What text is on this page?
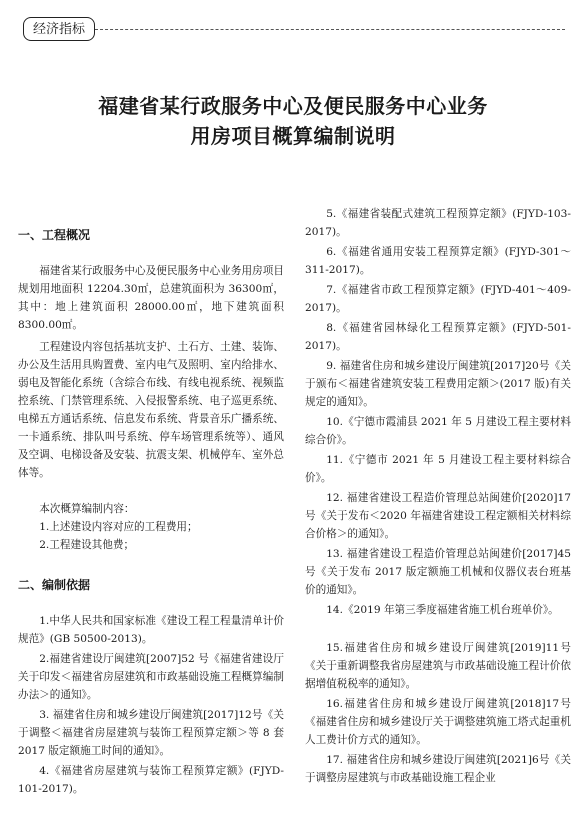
经济指标
福建省某行政服务中心及便民服务中心业务
用房项目概算编制说明
一、工程概况

福建省某行政服务中心及便民服务中心业务用房项目规划用地面积 12204.30㎡，总建筑面积为 36300㎡，其中：地上建筑面积 28000.00㎡，地下建筑面积 8300.00㎡。

工程建设内容包括基坑支护、土石方、土建、装饰、办公及生活用具购置费、室内电气及照明、室内给排水、弱电及智能化系统（含综合布线、有线电视系统、视频监控系统、门禁管理系统、入侵报警系统、电子巡更系统、电梯五方通话系统、信息发布系统、背景音乐广播系统、一卡通系统、排队叫号系统、停车场管理系统等）、通风及空调、电梯设备及安装、抗震支架、机械停车、室外总体等。

本次概算编制内容：

1.上述建设内容对应的工程费用；

2.工程建设其他费；

二、编制依据

1.中华人民共和国家标准《建设工程工程量清单计价规范》(GB 50500-2013)。

2.福建省建设厅闽建筑[2007]52 号《福建省建设厅关于印发＜福建省房屋建筑和市政基础设施工程概算编制办法＞的通知》。

3. 福建省住房和城乡建设厅闽建筑[2017]12号《关于调整＜福建省房屋建筑与装饰工程预算定额＞等 8 套 2017 版定额施工时间的通知》。

4.《福建省房屋建筑与装饰工程预算定额》(FJYD-101-2017)。

5.《福建省装配式建筑工程预算定额》(FJYD-103-2017)。

6.《福建省通用安装工程预算定额》(FJYD-301～311-2017)。

7.《福建省市政工程预算定额》(FJYD-401～409-2017)。

8.《福建省园林绿化工程预算定额》(FJYD-501-2017)。

9. 福建省住房和城乡建设厅闽建筑[2017]20号《关于颁布＜福建省建筑安装工程费用定额＞(2017 版)有关规定的通知》。

10.《宁德市霞浦县 2021 年 5 月建设工程主要材料综合价》。

11.《宁德市 2021 年 5 月建设工程主要材料综合价》。

12. 福建省建设工程造价管理总站闽建价[2020]17 号《关于发布＜2020 年福建省建设工程定额相关材料综合价格＞的通知》。

13. 福建省建设工程造价管理总站闽建价[2017]45 号《关于发布 2017 版定额施工机械和仪器仪表台班基价的通知》。

14.《2019 年第三季度福建省施工机台班单价》。

15.福建省住房和城乡建设厅闽建筑[2019]11号《关于重新调整我省房屋建筑与市政基础设施工程计价依据增值税税率的通知》。

16.福建省住房和城乡建设厅闽建筑[2018]17号《福建省住房和城乡建设厅关于调整建筑施工塔式起重机人工费计价方式的通知》。

17. 福建省住房和城乡建设厅闽建筑[2021]6号《关于调整房屋建筑与市政基础设施工程企业
